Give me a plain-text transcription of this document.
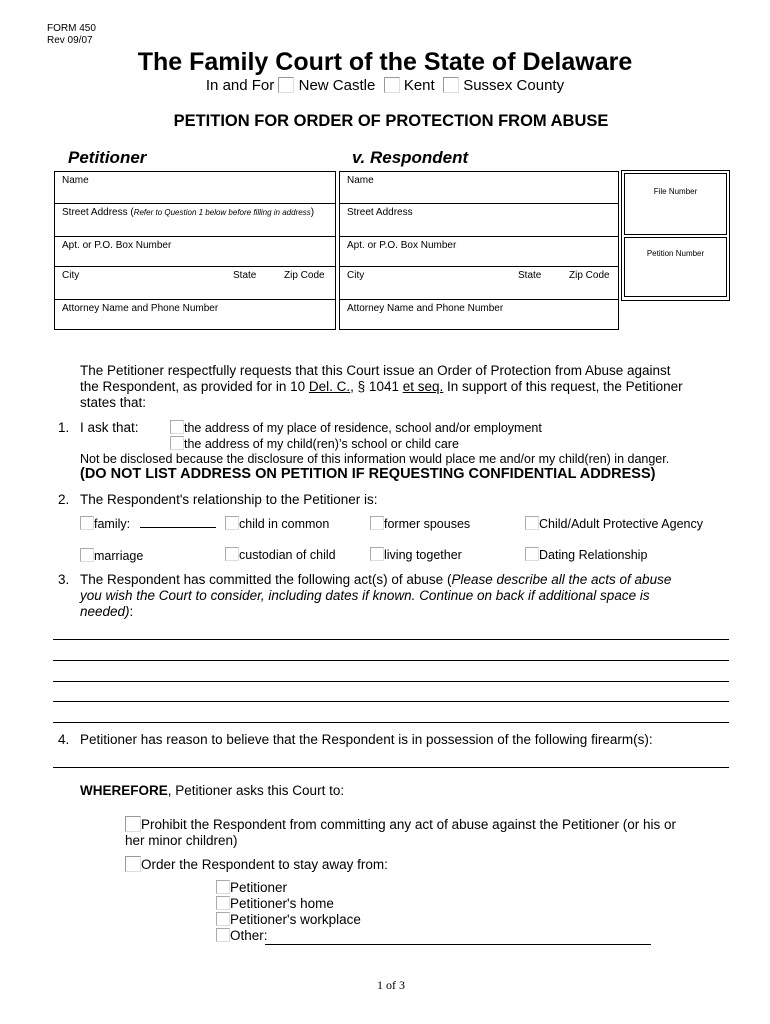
FORM 450
Rev 09/07
The Family Court of the State of Delaware
In and For New Castle Kent Sussex County
PETITION FOR ORDER OF PROTECTION FROM ABUSE
Petitioner	v. Respondent
Name
Street Address (Refer to Question 1 below before filling in address)
Apt. or P.O. Box Number
City	State	Zip Code
Attorney Name and Phone Number
Name
Street Address
Apt. or P.O. Box Number
City	State	Zip Code
Attorney Name and Phone Number
File Number
Petition Number
The Petitioner respectfully requests that this Court issue an Order of Protection from Abuse against
the Respondent, as provided for in 10 Del. C., § 1041 et seq. In support of this request, the Petitioner
states that:
1. I ask that:	the address of my place of residence, school and/or employment
the address of my child(ren)’s school or child care
Not be disclosed because the disclosure of this information would place me and/or my child(ren) in danger.
(DO NOT LIST ADDRESS ON PETITION IF REQUESTING CONFIDENTIAL ADDRESS)
2. The Respondent's relationship to the Petitioner is:
family:	child in common	former spouses	Child/Adult Protective Agency
marriage	custodian of child	living together	Dating Relationship
3. The Respondent has committed the following act(s) of abuse (Please describe all the acts of abuse
you wish the Court to consider, including dates if known. Continue on back if additional space is
needed):
4. Petitioner has reason to believe that the Respondent is in possession of the following firearm(s):
WHEREFORE, Petitioner asks this Court to:
Prohibit the Respondent from committing any act of abuse against the Petitioner (or his or
her minor children)
Order the Respondent to stay away from:
Petitioner
Petitioner's home
Petitioner's workplace
Other:
1 of 3
